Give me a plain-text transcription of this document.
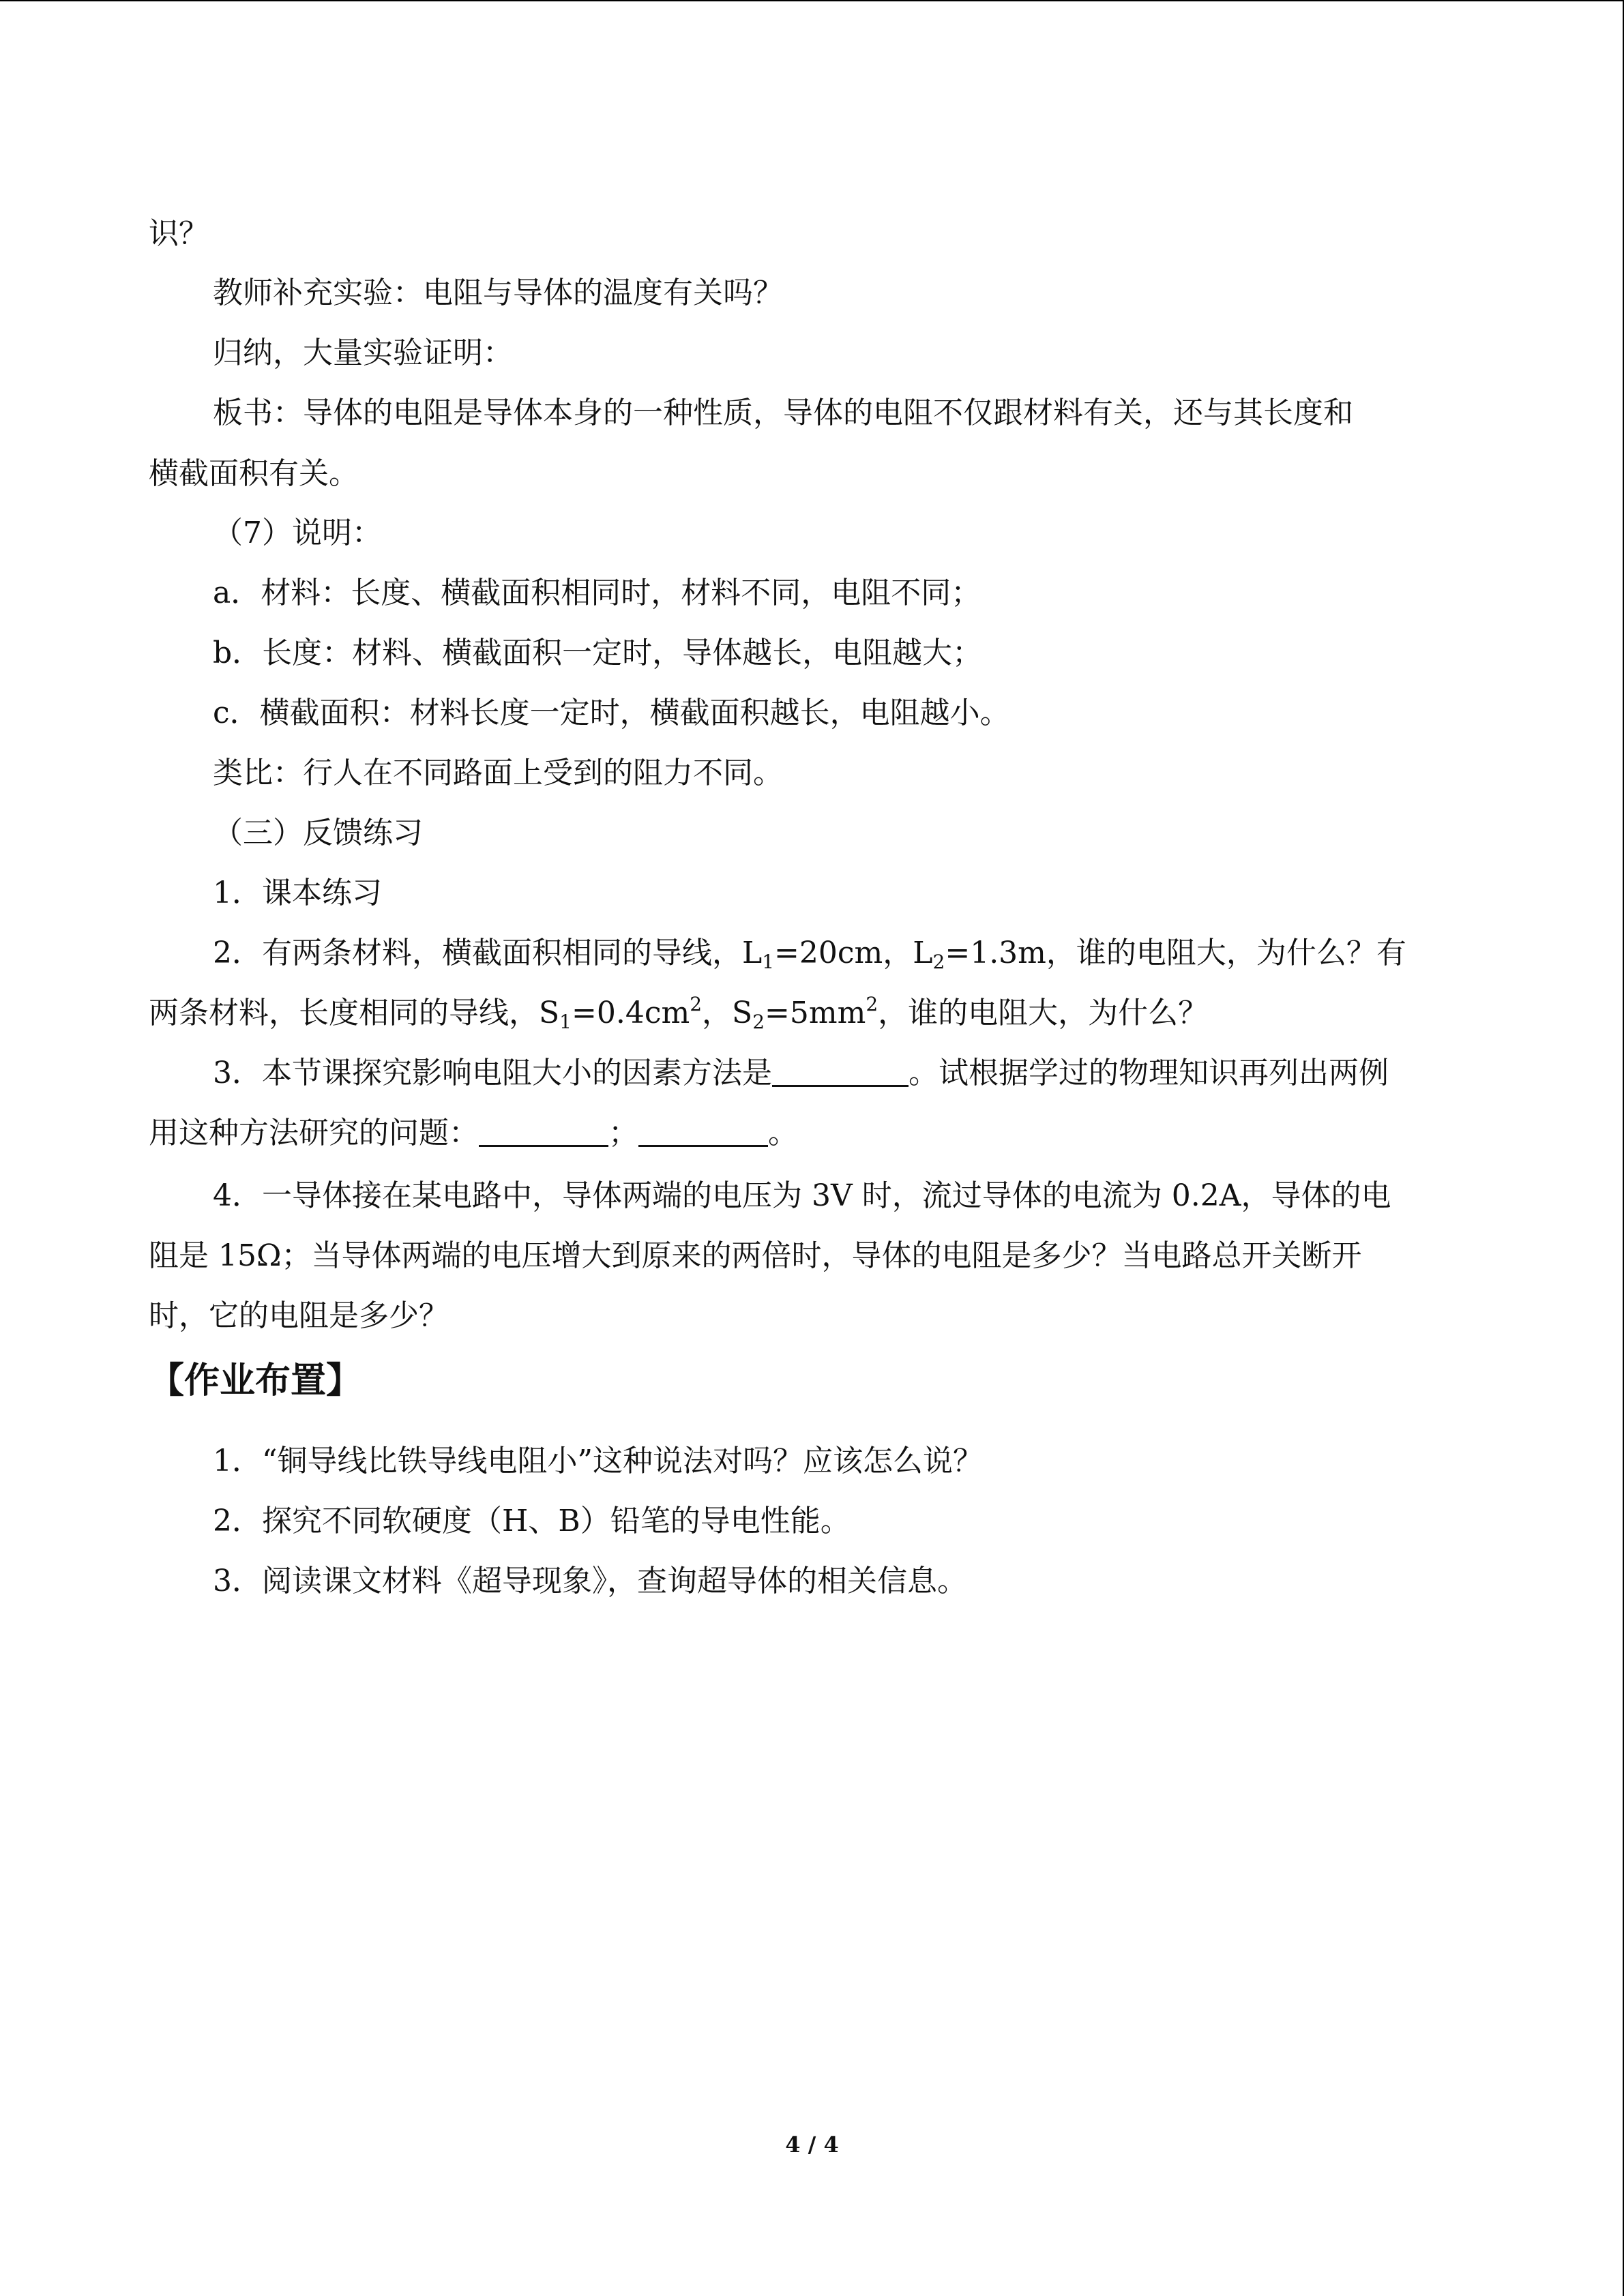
识？
教师补充实验：电阻与导体的温度有关吗？
归纳，大量实验证明：
板书：导体的电阻是导体本身的一种性质，导体的电阻不仅跟材料有关，还与其长度和
横截面积有关。
（7）说明：
a．材料：长度、横截面积相同时，材料不同，电阻不同；
b．长度：材料、横截面积一定时，导体越长，电阻越大；
c．横截面积：材料长度一定时，横截面积越长，电阻越小。
类比：行人在不同路面上受到的阻力不同。
（三）反馈练习
1．课本练习
2．有两条材料，横截面积相同的导线，$L_1=20cm$，$L_2=1.3m$，谁的电阻大，为什么？有
两条材料，长度相同的导线，$S_1=0.4cm^2$，$S_2=5mm^2$，谁的电阻大，为什么？
3．本节课探究影响电阻大小的因素方法是	。试根据学过的物理知识再列出两例
用这种方法研究的问题：	；	。
4．一导体接在某电路中，导体两端的电压为 3V 时，流过导体的电流为 0.2A，导体的电
阻是 15Ω；当导体两端的电压增大到原来的两倍时，导体的电阻是多少？当电路总开关断开
时，它的电阻是多少？
【作业布置】
1．“铜导线比铁导线电阻小”这种说法对吗？应该怎么说？
2．探究不同软硬度（H、B）铅笔的导电性能。
3．阅读课文材料《超导现象》，查询超导体的相关信息。
4 / 4
